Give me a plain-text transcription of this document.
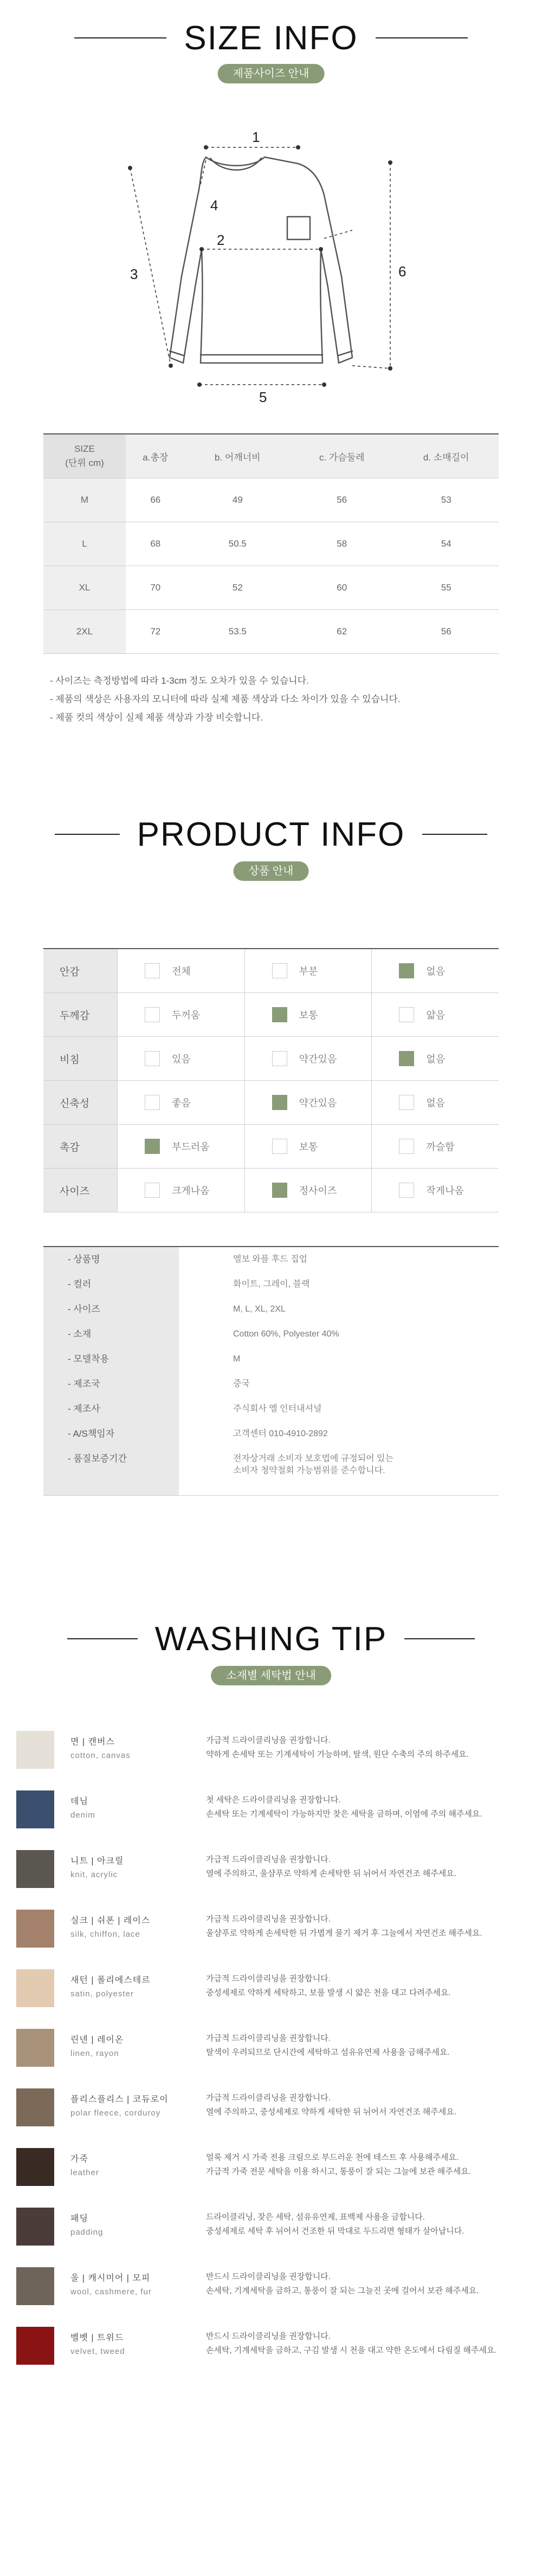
SIZE INFO
제품사이즈 안내
1
2
3
4
5
6
SIZE
(단위 cm)	a.총장	b. 어깨너비	c. 가슴둘레	d. 소매길이
M	66	49	56	53
L	68	50.5	58	54
XL	70	52	60	55
2XL	72	53.5	62	56
- 사이즈는 측정방법에 따라 1-3cm 정도 오차가 있을 수 있습니다.
- 제품의 색상은 사용자의 모니터에 따라 실제 제품 색상과 다소 차이가 있을 수 있습니다.
- 제품 컷의 색상이 실제 제품 색상과 가장 비슷합니다.
PRODUCT INFO
상품 안내
안감	전체	부분	없음
두께감	두꺼움	보통	얇음
비침	있음	약간있음	없음
신축성	좋음	약간있음	없음
촉감	부드러움	보통	까슬함
사이즈	크게나옴	정사이즈	작게나옴
- 상품명	엘보 와플 후드 집업
- 컬러	화이트, 그레이, 블랙
- 사이즈	M, L, XL, 2XL
- 소재	Cotton 60%, Polyester 40%
- 모델착용	M
- 제조국	중국
- 제조사	주식회사 엘 인터내셔널
- A/S책임자	고객센터 010-4910-2892
- 품질보증기간	전자상거래 소비자 보호법에 규정되어 있는
소비자 청약철회 가능범위를 준수합니다.
WASHING TIP
소재별 세탁법 안내
면 | 캔버스
cotton, canvas
가급적 드라이클리닝을 권장합니다.
약하게 손세탁 또는 기계세탁이 가능하며, 탈색, 원단 수축의 주의 하주세요.
데님
denim
첫 세탁은 드라이클리닝을 권장합니다.
손세탁 또는 기계세탁이 가능하지만 찾은 세탁을 금하며, 이염에 주의 해주세요.
니트 | 아크릴
knit, acrylic
가급적 드라이클리닝을 권장합니다.
열에 주의하고, 울샴푸로 약하게 손세탁한 뒤 뉘어서 자연건조 해주세요.
실크 | 쉬폰 | 레이스
silk, chiffon, lace
가급적 드라이클리닝을 권장합니다.
울샴푸로 약하게 손세탁한 뒤 가볍게 물기 제거 후 그늘에서 자연건조 해주세요.
새턴 | 폴리에스테르
satin, polyester
가급적 드라이클리닝을 권장합니다.
중성세제로 약하게 세탁하고, 보풀 발생 시 얇은 천을 대고 다려주세요.
린넨 | 레이온
linen, rayon
가급적 드라이클리닝을 권장합니다.
탈색이 우려되므로 단시간에 세탁하고 섬유유연제 사용을 금해주세요.
플리스플리스 | 코듀로이
polar fleece, corduroy
가급적 드라이클리닝을 권장합니다.
열에 주의하고, 중성세제로 약하게 세탁한 뒤 뉘어서 자연건조 해주세요.
가죽
leather
얼룩 제거 시 가죽 전용 크림으로 부드러운 천에 테스트 후 사용해주세요.
가급적 가죽 전문 세탁을 이용 하시고, 통풍이 잘 되는 그늘에 보관 해주세요.
패딩
padding
드라이클리닝, 잦은 세탁, 섬유유연제, 표백제 사용을 금합니다.
중성세제로 세탁 후 뉘어서 건조한 뒤 막대로 두드리면 형태가 살아납니다.
울 | 캐시미어 | 모피
wool, cashmere, fur
반드시 드라이클리닝을 권장합니다.
손세탁, 기계세탁을 금하고, 통풍이 잘 되는 그늘진 곳에 걸어서 보관 해주세요.
벨벳 | 트위드
velvet, tweed
반드시 드라이클리닝을 권장합니다.
손세탁, 기계세탁을 금하고, 구김 발생 시 천을 대고 약한 온도에서 다림질 해주세요.
